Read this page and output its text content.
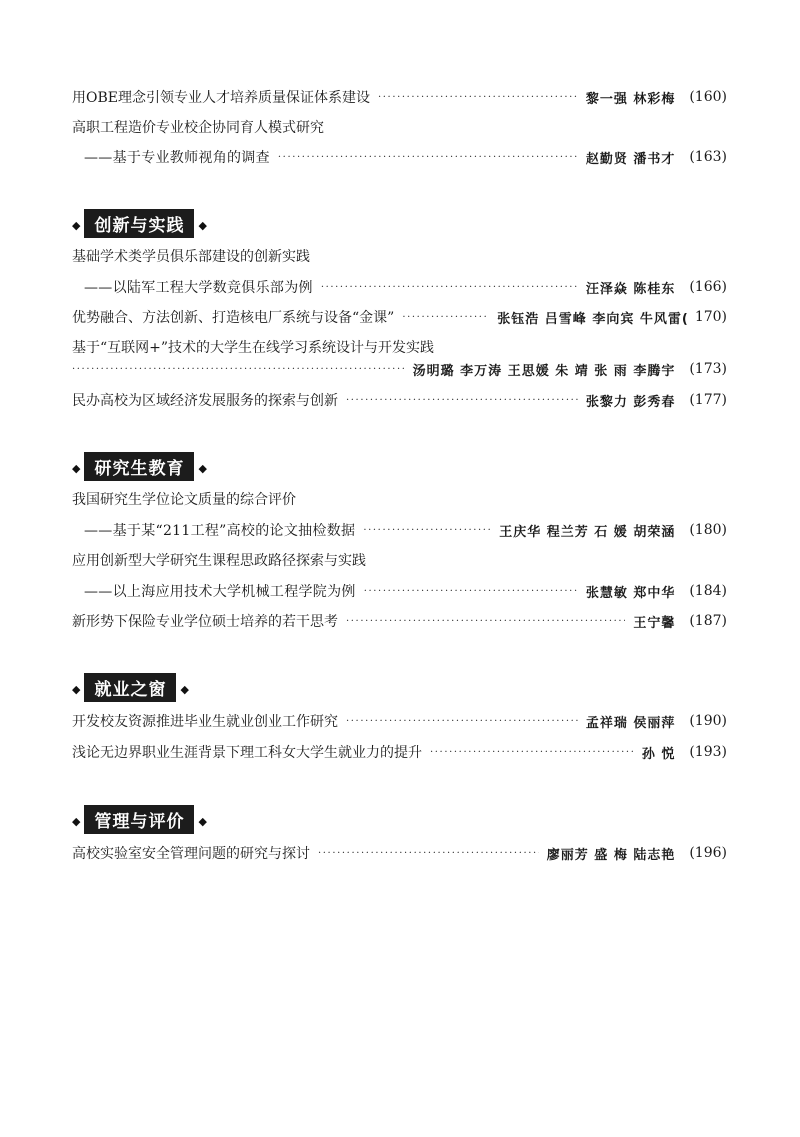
用OBE理念引领专业人才培养质量保证体系建设 ·····	黎一强 林彩梅 (160)
高职工程造价专业校企协同育人模式研究
——基于专业教师视角的调查 ·····	赵勤贤 潘书才 (163)
◆ 创新与实践	◆
基础学术类学员俱乐部建设的创新实践
——以陆军工程大学数竞俱乐部为例 ·····	汪泽焱 陈桂东 (166)
优势融合、方法创新、打造核电厂系统与设备“金课” ·····	张钰浩 吕雪峰 李向宾 牛风雷( 170)
基于“互联网+”技术的大学生在线学习系统设计与开发实践
·····
汤明璐 李万涛 王思媛 朱 靖 张 雨 李腾宇 (173)
民办高校为区域经济发展服务的探索与创新 ·····	张黎力 彭秀春 (177)
◆ 研究生教育	◆
我国研究生学位论文质量的综合评价
——基于某“211工程”高校的论文抽检数据 ·····	王庆华 程兰芳 石 媛 胡荣涵 (180)
应用创新型大学研究生课程思政路径探索与实践
——以上海应用技术大学机械工程学院为例 ·····	张慧敏 郑中华 (184)
新形势下保险专业学位硕士培养的若干思考 ·····	王宁馨 (187)
◆ 就业之窗	◆
开发校友资源推进毕业生就业创业工作研究 ·····	孟祥瑞 侯丽萍 (190)
浅论无边界职业生涯背景下理工科女大学生就业力的提升 ·····	孙 悦 (193)
◆ 管理与评价	◆
高校实验室安全管理问题的研究与探讨 ·····	廖丽芳 盛 梅 陆志艳 (196)
